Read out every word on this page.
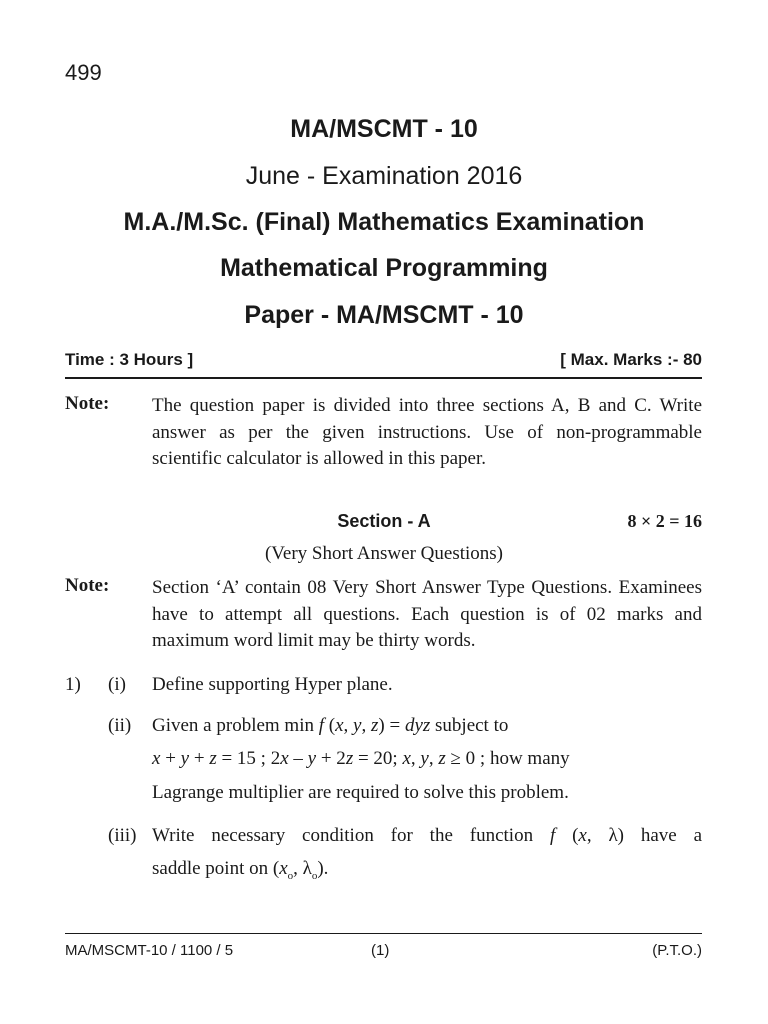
499
MA/MSCMT - 10
June - Examination 2016
M.A./M.Sc. (Final) Mathematics Examination
Mathematical Programming
Paper - MA/MSCMT - 10
Time : 3 Hours ]	[ Max. Marks :- 80
Note: The question paper is divided into three sections A, B and C. Write answer as per the given instructions. Use of non-programmable scientific calculator is allowed in this paper.
Section - A	8 × 2 = 16
(Very Short Answer Questions)
Note: Section ‘A’ contain 08 Very Short Answer Type Questions. Examinees have to attempt all questions. Each question is of 02 marks and maximum word limit may be thirty words.
1) (i) Define supporting Hyper plane.
(ii) Given a problem min f (x, y, z) = dyz subject to
x + y + z = 15 ; 2x – y + 2z = 20; x, y, z ≥ 0 ; how many
Lagrange multiplier are required to solve this problem.
(iii) Write necessary condition for the function f (x, λ) have a
saddle point on ($x_o$, $\lambda_o$).
MA/MSCMT-10 / 1100 / 5	(1)	(P.T.O.)
